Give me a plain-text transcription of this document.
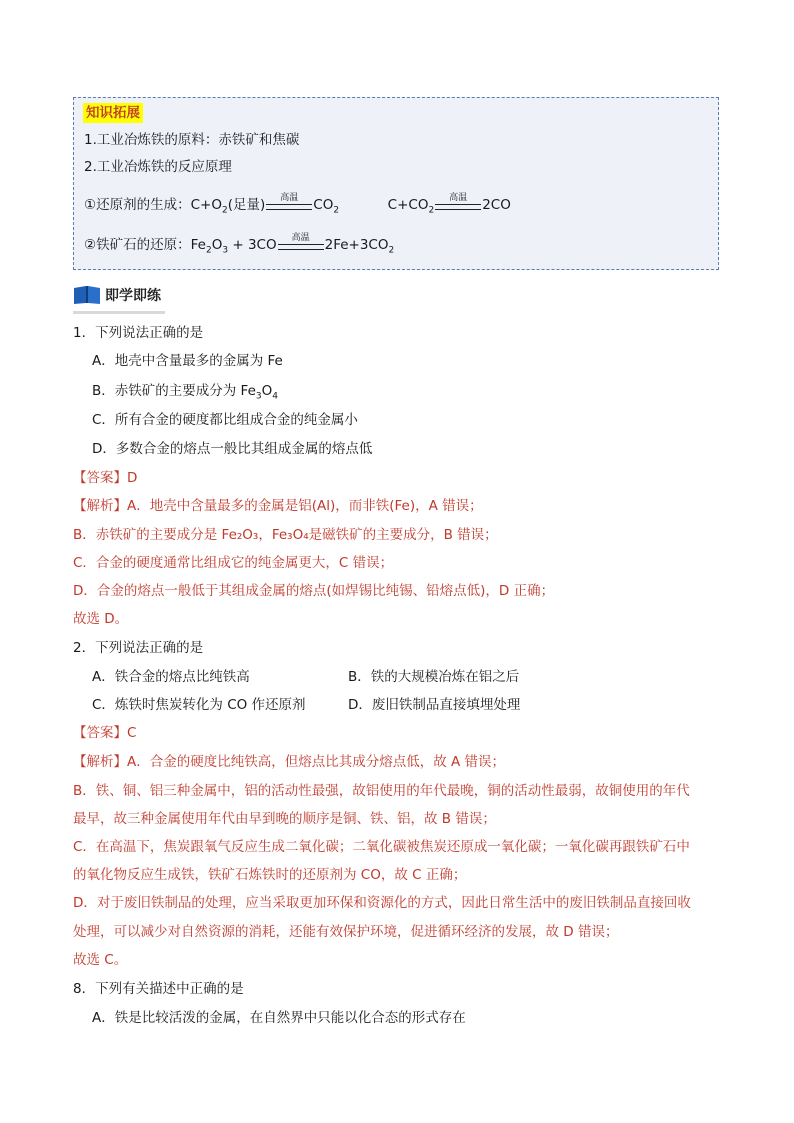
知识拓展
1.工业冶炼铁的原料：赤铁矿和焦碳
2.工业冶炼铁的反应原理
①还原剂的生成：$C+O_2$(足量)	高温	$CO_2$	$C+CO_2$
高温	2CO
②铁矿石的还原：$Fe_2O_3 + 3CO$	高温	$2Fe+3CO_2$
即学即练
1．下列说法正确的是
A．地壳中含量最多的金属为 Fe
B．赤铁矿的主要成分为 $Fe_3O_4$
C．所有合金的硬度都比组成合金的纯金属小
D．多数合金的熔点一般比其组成金属的熔点低
【答案】D
【解析】A．地壳中含量最多的金属是铝(Al)，而非铁(Fe)，A 错误；
B．赤铁矿的主要成分是 Fe₂O₃，Fe₃O₄是磁铁矿的主要成分，B 错误；
C．合金的硬度通常比组成它的纯金属更大，C 错误；
D．合金的熔点一般低于其组成金属的熔点(如焊锡比纯锡、铅熔点低)，D 正确；
故选 D。
2．下列说法正确的是
A．铁合金的熔点比纯铁高	B．铁的大规模冶炼在铝之后
C．炼铁时焦炭转化为 CO 作还原剂	D．废旧铁制品直接填埋处理
【答案】C
【解析】A．合金的硬度比纯铁高，但熔点比其成分熔点低，故 A 错误；
B．铁、铜、铝三种金属中，铝的活动性最强，故铝使用的年代最晚，铜的活动性最弱，故铜使用的年代
最早，故三种金属使用年代由早到晚的顺序是铜、铁、铝，故 B 错误；
C．在高温下，焦炭跟氧气反应生成二氧化碳；二氧化碳被焦炭还原成一氧化碳；一氧化碳再跟铁矿石中
的氧化物反应生成铁，铁矿石炼铁时的还原剂为 CO，故 C 正确；
D．对于废旧铁制品的处理，应当采取更加环保和资源化的方式，因此日常生活中的废旧铁制品直接回收
处理，可以减少对自然资源的消耗，还能有效保护环境，促进循环经济的发展，故 D 错误；
故选 C。
8．下列有关描述中正确的是
A．铁是比较活泼的金属，在自然界中只能以化合态的形式存在
